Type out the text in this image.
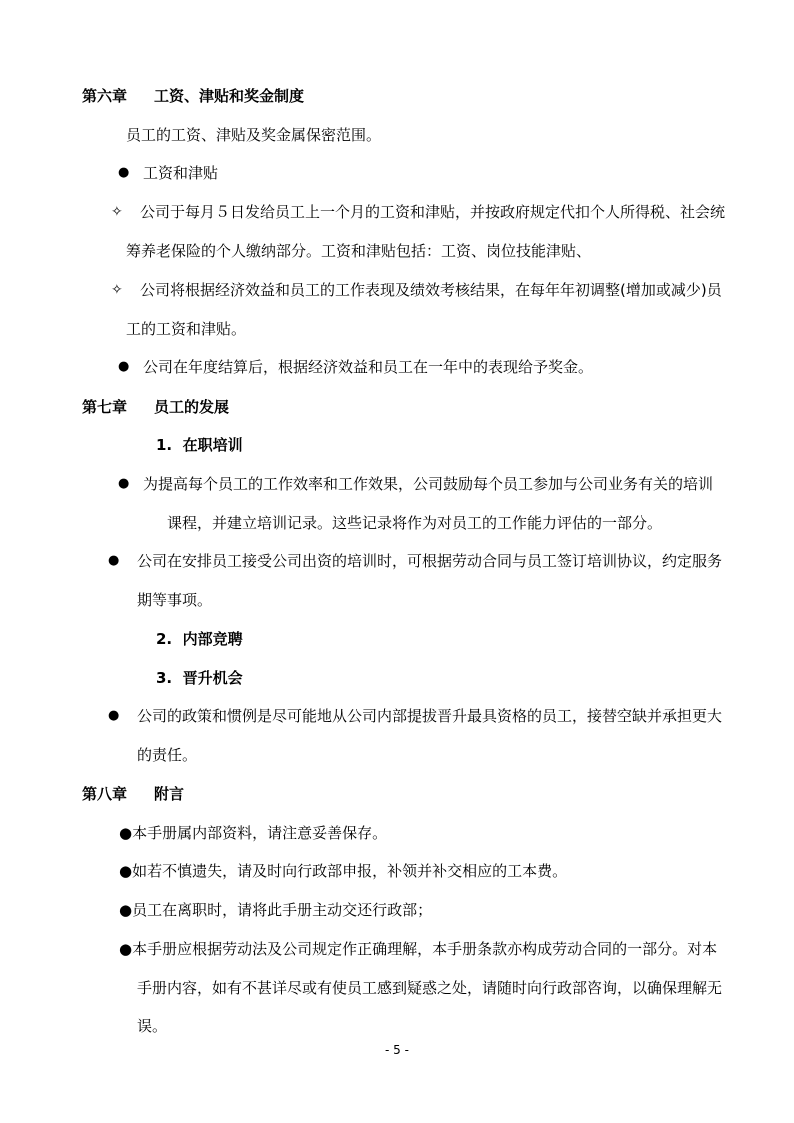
第六章 工资、津贴和奖金制度
员工的工资、津贴及奖金属保密范围。
● 工资和津贴
✧ 公司于每月５日发给员工上一个月的工资和津贴，并按政府规定代扣个人所得税、社会统
筹养老保险的个人缴纳部分。工资和津贴包括：工资、岗位技能津贴、
✧ 公司将根据经济效益和员工的工作表现及绩效考核结果，在每年年初调整(增加或减少)员
工的工资和津贴。
● 公司在年度结算后，根据经济效益和员工在一年中的表现给予奖金。
第七章 员工的发展
1. 在职培训
● 为提高每个员工的工作效率和工作效果，公司鼓励每个员工参加与公司业务有关的培训
课程，并建立培训记录。这些记录将作为对员工的工作能力评估的一部分。
● 公司在安排员工接受公司出资的培训时，可根据劳动合同与员工签订培训协议，约定服务
期等事项。
2. 内部竞聘
3. 晋升机会
● 公司的政策和惯例是尽可能地从公司内部提拔晋升最具资格的员工，接替空缺并承担更大
的责任。
第八章 附言
●本手册属内部资料，请注意妥善保存。
●如若不慎遗失，请及时向行政部申报，补领并补交相应的工本费。
●员工在离职时，请将此手册主动交还行政部；
●本手册应根据劳动法及公司规定作正确理解，本手册条款亦构成劳动合同的一部分。对本
手册内容，如有不甚详尽或有使员工感到疑惑之处，请随时向行政部咨询，以确保理解无
误。
- 5 -
